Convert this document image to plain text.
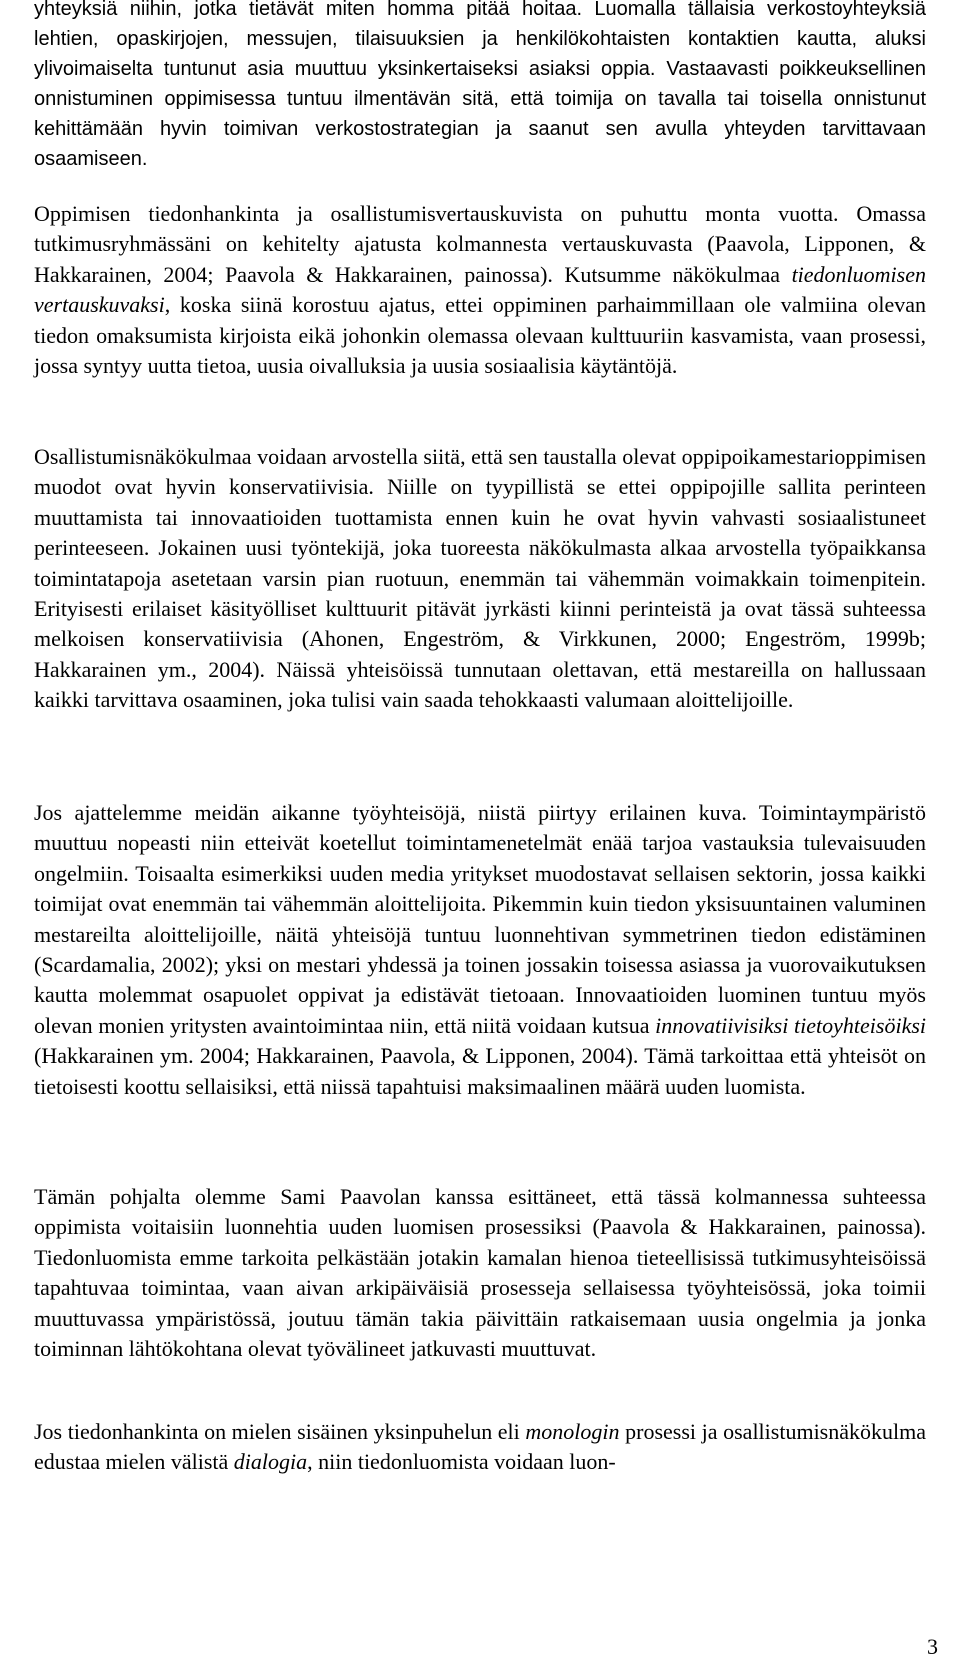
yhteyksiä niihin, jotka tietävät miten homma pitää hoitaa. Luomalla tällaisia verkostoyhteyksiä lehtien, opaskirjojen, messujen, tilaisuuksien ja henkilökohtaisten kontaktien kautta, aluksi ylivoimaiselta tuntunut asia muuttuu yksinkertaiseksi asiaksi oppia. Vastaavasti poikkeuksellinen onnistuminen oppimisessa tuntuu ilmentävän sitä, että toimija on tavalla tai toisella onnistunut kehittämään hyvin toimivan verkostostrategian ja saanut sen avulla yhteyden tarvittavaan osaamiseen.

Oppimisen tiedonhankinta ja osallistumisvertauskuvista on puhuttu monta vuotta. Omassa tutkimusryhmässäni on kehitelty ajatusta kolmannesta vertauskuvasta (Paavola, Lipponen, & Hakkarainen, 2004; Paavola & Hakkarainen, painossa). Kutsumme näkökulmaa tiedonluomisen vertauskuvaksi, koska siinä korostuu ajatus, ettei oppiminen parhaimmillaan ole valmiina olevan tiedon omaksumista kirjoista eikä johonkin olemassa olevaan kulttuuriin kasvamista, vaan prosessi, jossa syntyy uutta tietoa, uusia oivalluksia ja uusia sosiaalisia käytäntöjä.

Osallistumisnäkökulmaa voidaan arvostella siitä, että sen taustalla olevat oppipoikamestarioppimisen muodot ovat hyvin konservatiivisia. Niille on tyypillistä se ettei oppipojille sallita perinteen muuttamista tai innovaatioiden tuottamista ennen kuin he ovat hyvin vahvasti sosiaalistuneet perinteeseen. Jokainen uusi työntekijä, joka tuoreesta näkökulmasta alkaa arvostella työpaikkansa toimintatapoja asetetaan varsin pian ruotuun, enemmän tai vähemmän voimakkain toimenpitein. Erityisesti erilaiset käsityölliset kulttuurit pitävät jyrkästi kiinni perinteistä ja ovat tässä suhteessa melkoisen konservatiivisia (Ahonen, Engeström, & Virkkunen, 2000; Engeström, 1999b; Hakkarainen ym., 2004). Näissä yhteisöissä tunnutaan olettavan, että mestareilla on hallussaan kaikki tarvittava osaaminen, joka tulisi vain saada tehokkaasti valumaan aloittelijoille.

Jos ajattelemme meidän aikanne työyhteisöjä, niistä piirtyy erilainen kuva. Toimintaympäristö muuttuu nopeasti niin etteivät koetellut toimintamenetelmät enää tarjoa vastauksia tulevaisuuden ongelmiin. Toisaalta esimerkiksi uuden media yritykset muodostavat sellaisen sektorin, jossa kaikki toimijat ovat enemmän tai vähemmän aloittelijoita. Pikemmin kuin tiedon yksisuuntainen valuminen mestareilta aloittelijoille, näitä yhteisöjä tuntuu luonnehtivan symmetrinen tiedon edistäminen (Scardamalia, 2002); yksi on mestari yhdessä ja toinen jossakin toisessa asiassa ja vuorovaikutuksen kautta molemmat osapuolet oppivat ja edistävät tietoaan. Innovaatioiden luominen tuntuu myös olevan monien yritysten avaintoimintaa niin, että niitä voidaan kutsua innovatiivisiksi tietoyhteisöiksi (Hakkarainen ym. 2004; Hakkarainen, Paavola, & Lipponen, 2004). Tämä tarkoittaa että yhteisöt on tietoisesti koottu sellaisiksi, että niissä tapahtuisi maksimaalinen määrä uuden luomista.

Tämän pohjalta olemme Sami Paavolan kanssa esittäneet, että tässä kolmannessa suhteessa oppimista voitaisiin luonnehtia uuden luomisen prosessiksi (Paavola & Hakkarainen, painossa). Tiedonluomista emme tarkoita pelkästään jotakin kamalan hienoa tieteellisissä tutkimusyhteisöissä tapahtuvaa toimintaa, vaan aivan arkipäiväisiä prosesseja sellaisessa työyhteisössä, joka toimii muuttuvassa ympäristössä, joutuu tämän takia päivittäin ratkaisemaan uusia ongelmia ja jonka toiminnan lähtökohtana olevat työvälineet jatkuvasti muuttuvat.

Jos tiedonhankinta on mielen sisäinen yksinpuhelun eli monologin prosessi ja osallistumisnäkökulma edustaa mielen välistä dialogia, niin tiedonluomista voidaan luon-

3
